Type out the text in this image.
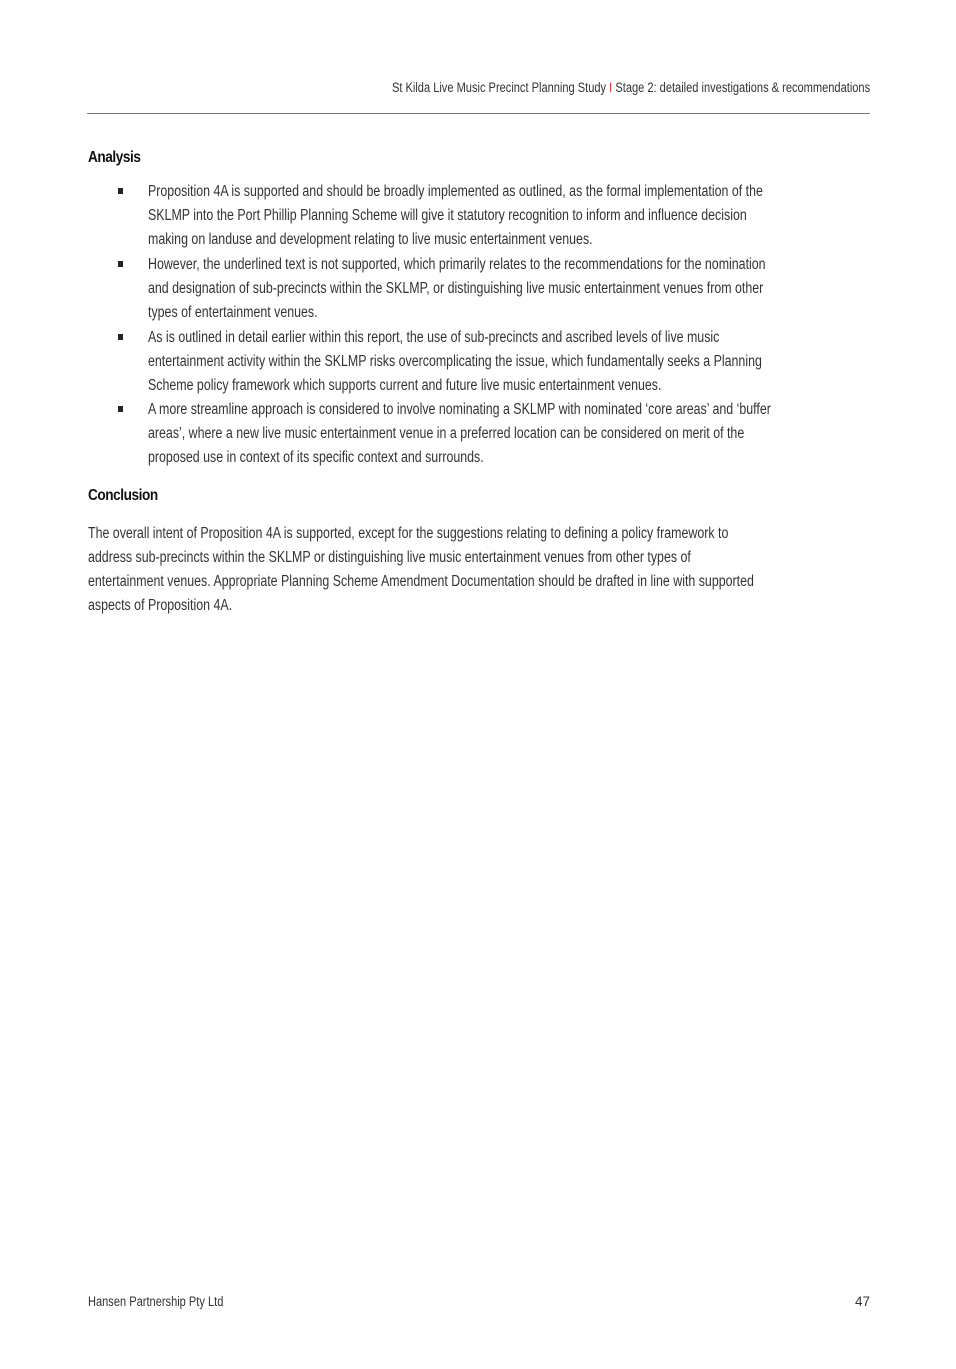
St Kilda Live Music Precinct Planning Study I Stage 2: detailed investigations & recommendations
Analysis
Proposition 4A is supported and should be broadly implemented as outlined, as the formal implementation of the
SKLMP into the Port Phillip Planning Scheme will give it statutory recognition to inform and influence decision
making on landuse and development relating to live music entertainment venues.
However, the underlined text is not supported, which primarily relates to the recommendations for the nomination
and designation of sub-precincts within the SKLMP, or distinguishing live music entertainment venues from other
types of entertainment venues.
As is outlined in detail earlier within this report, the use of sub-precincts and ascribed levels of live music
entertainment activity within the SKLMP risks overcomplicating the issue, which fundamentally seeks a Planning
Scheme policy framework which supports current and future live music entertainment venues.
A more streamline approach is considered to involve nominating a SKLMP with nominated ‘core areas’ and ‘buffer
areas’, where a new live music entertainment venue in a preferred location can be considered on merit of the
proposed use in context of its specific context and surrounds.
Conclusion
The overall intent of Proposition 4A is supported, except for the suggestions relating to defining a policy framework to
address sub-precincts within the SKLMP or distinguishing live music entertainment venues from other types of
entertainment venues. Appropriate Planning Scheme Amendment Documentation should be drafted in line with supported
aspects of Proposition 4A.
Hansen Partnership Pty Ltd	47
